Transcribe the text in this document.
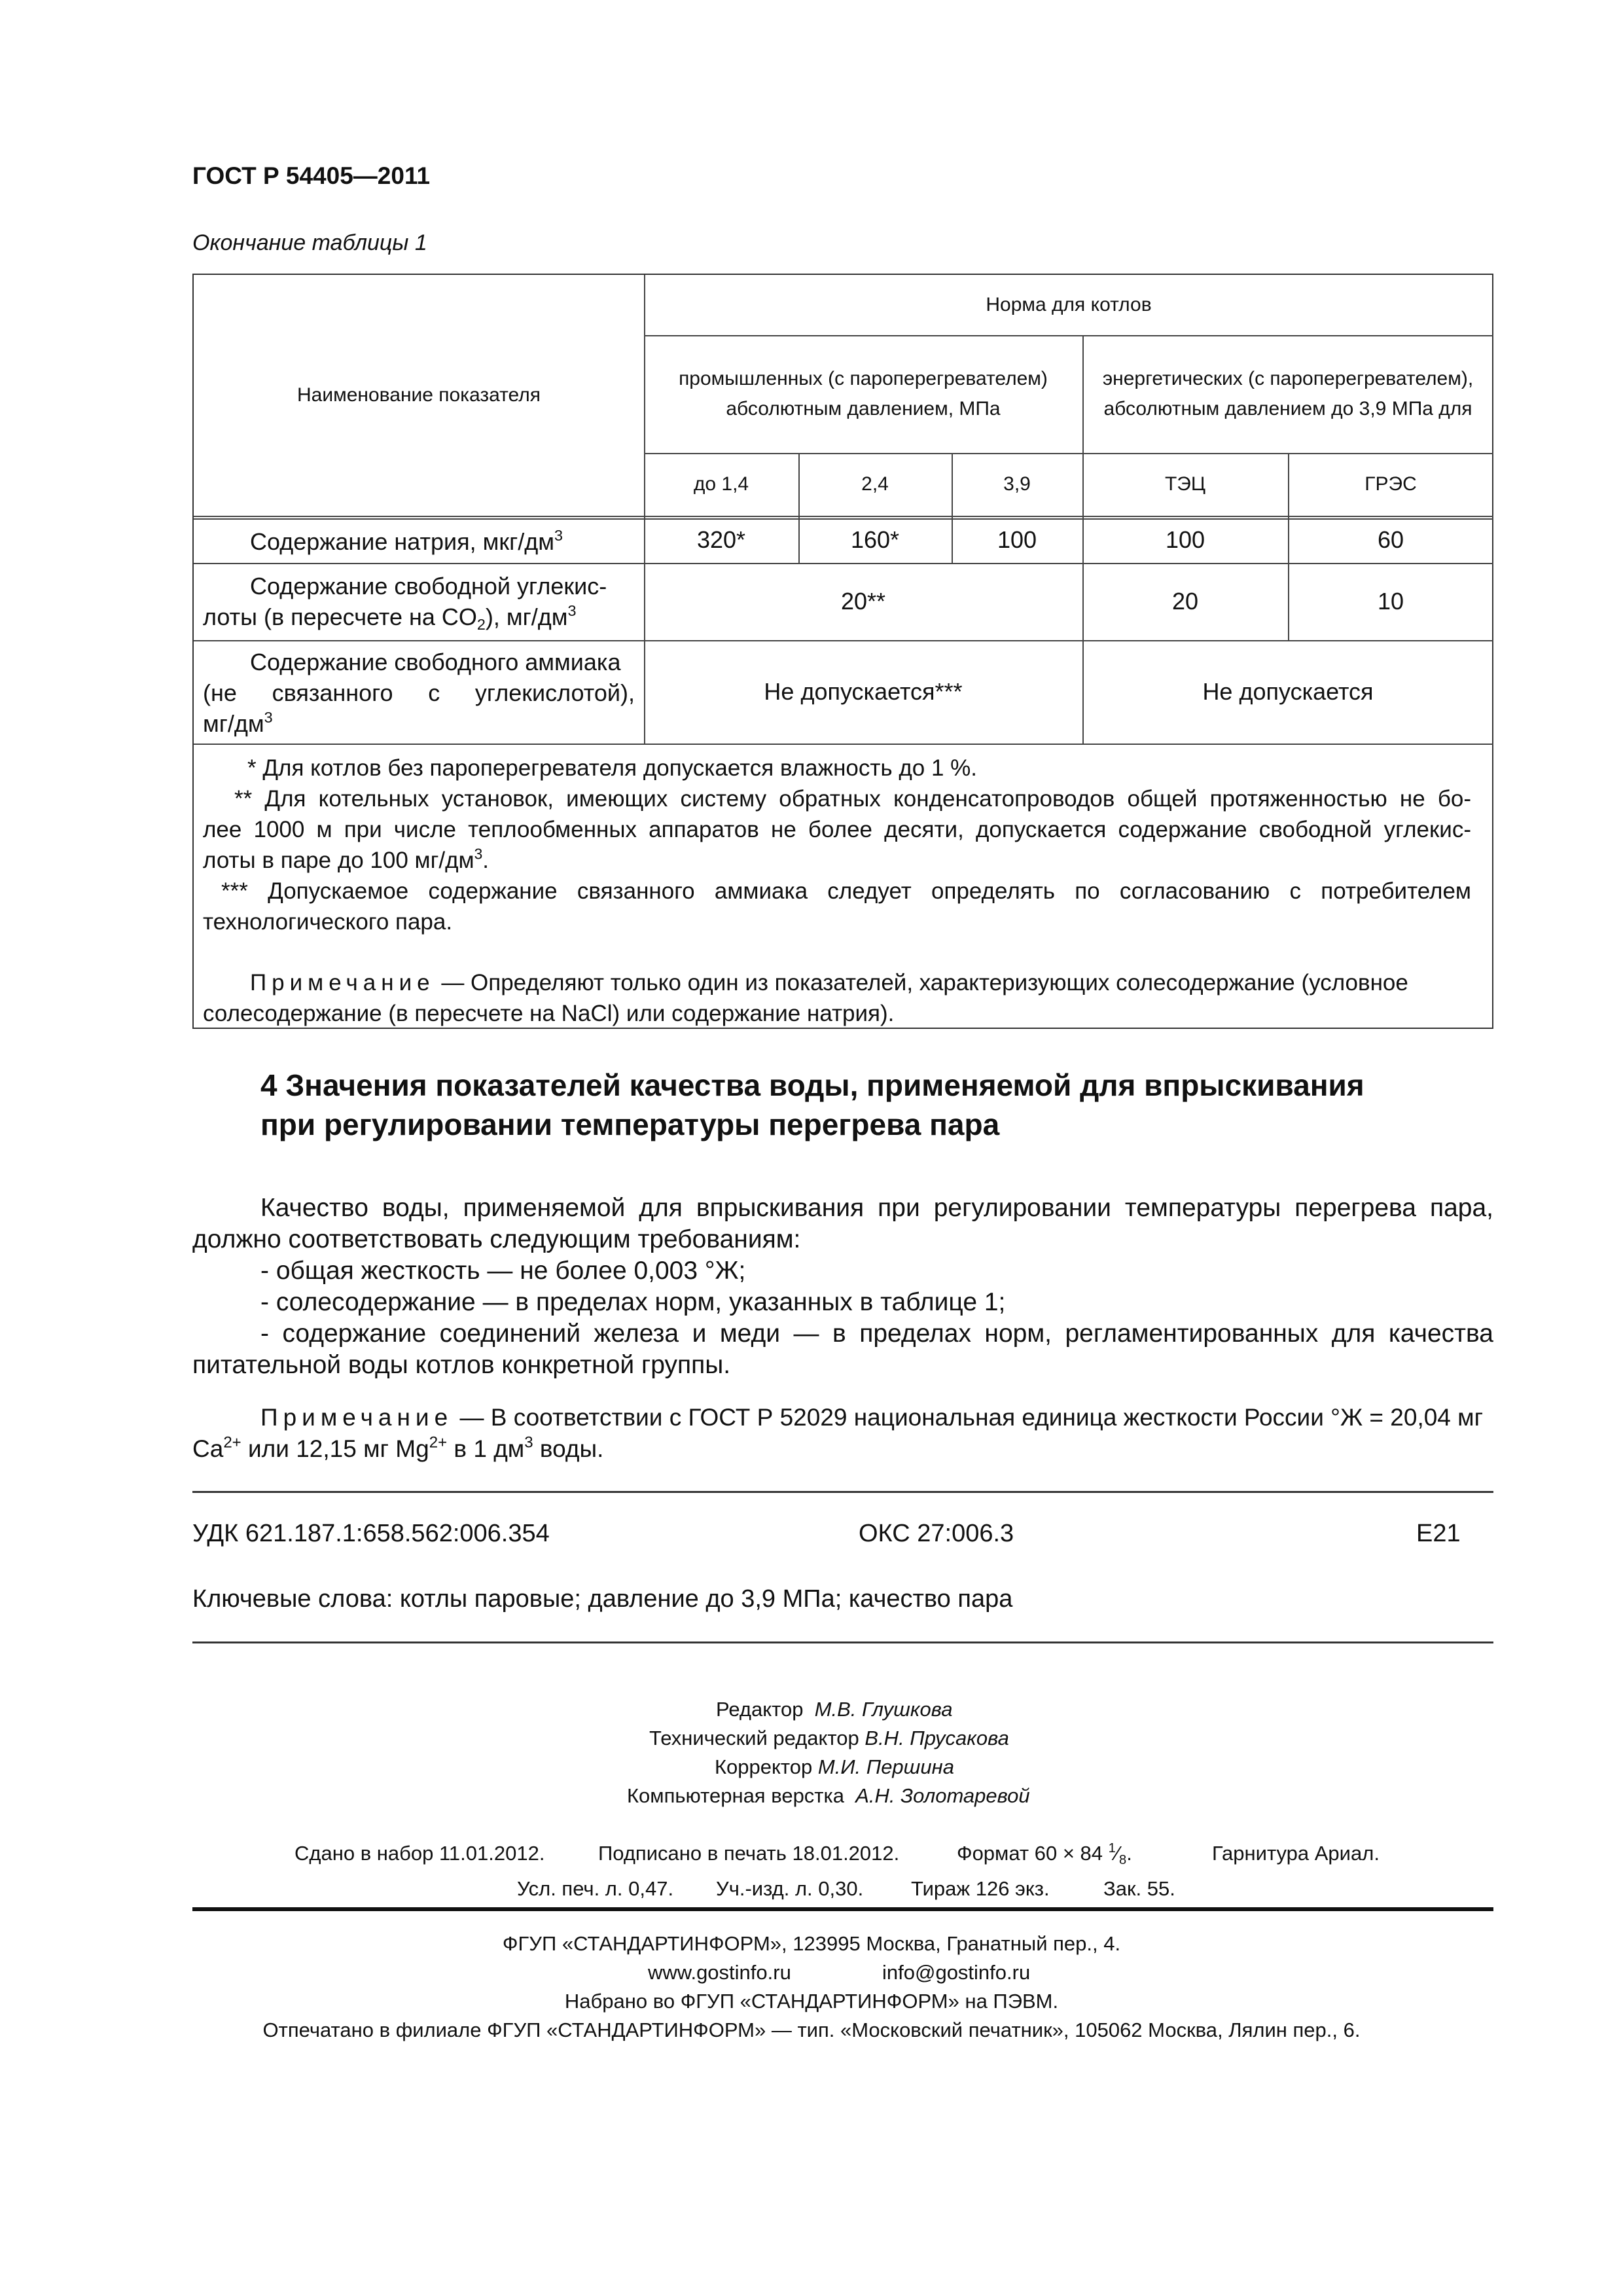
ГОСТ Р 54405—2011
Окончание таблицы 1
Наименование показателя
Норма для котлов
промышленных (с пароперегревателем) абсолютным давлением, МПа
энергетических (с пароперегревателем), абсолютным давлением до 3,9 МПа для
до 1,4	2,4	3,9	ТЭЦ	ГРЭС
Содержание натрия, мкг/$дм^3$	320*	160*	100	100	60
Содержание свободной углекис-
лоты (в пересчете на $CO_2$), $мг/дм^3$	20**	20	10
Содержание свободного аммиака
(не связанного с углекислотой),
$мг/дм^3$
Не допускается***	Не допускается
* Для котлов без пароперегревателя допускается влажность до 1 %.
** Для котельных установок, имеющих систему обратных конденсатопроводов общей протяженностью не бо-
лее 1000 м при числе теплообменных аппаратов не более десяти, допускается содержание свободной углекис-
лоты в паре до 100 $мг/дм^3$.
*** Допускаемое содержание связанного аммиака следует определять по согласованию с потребителем
технологического пара.
Примечание — Определяют только один из показателей, характеризующих солесодержание (условное
солесодержание (в пересчете на NaCl) или содержание натрия).
4 Значения показателей качества воды, применяемой для впрыскивания
при регулировании температуры перегрева пара
Качество воды, применяемой для впрыскивания при регулировании температуры перегрева пара,
должно соответствовать следующим требованиям:
- общая жесткость — не более 0,003 °Ж;
- солесодержание — в пределах норм, указанных в таблице 1;
- содержание соединений железа и меди — в пределах норм, регламентированных для качества
питательной воды котлов конкретной группы.
Примечание — В соответствии с ГОСТ Р 52029 национальная единица жесткости России °Ж = 20,04 мг
$Ca^{2+}$ или 12,15 мг $Mg^{2+}$ в 1 $дм^3$ воды.
УДК 621.187.1:658.562:006.354	ОКС 27:006.3	Е21
Ключевые слова: котлы паровые; давление до 3,9 МПа; качество пара
Редактор М.В. Глушкова
Технический редактор В.Н. Прусакова
Корректор М.И. Першина
Компьютерная верстка А.Н. Золотаревой
Сдано в набор 11.01.2012.	Подписано в печать 18.01.2012.	Формат 60 × 84 $^1⁄_8$.	Гарнитура Ариал.
Усл. печ. л. 0,47. Уч.-изд. л. 0,30. Тираж 126 экз.	Зак. 55.
ФГУП «СТАНДАРТИНФОРМ», 123995 Москва, Гранатный пер., 4.
www.gostinfo.ru	info@gostinfo.ru
Набрано во ФГУП «СТАНДАРТИНФОРМ» на ПЭВМ.
Отпечатано в филиале ФГУП «СТАНДАРТИНФОРМ» — тип. «Московский печатник», 105062 Москва, Лялин пер., 6.
